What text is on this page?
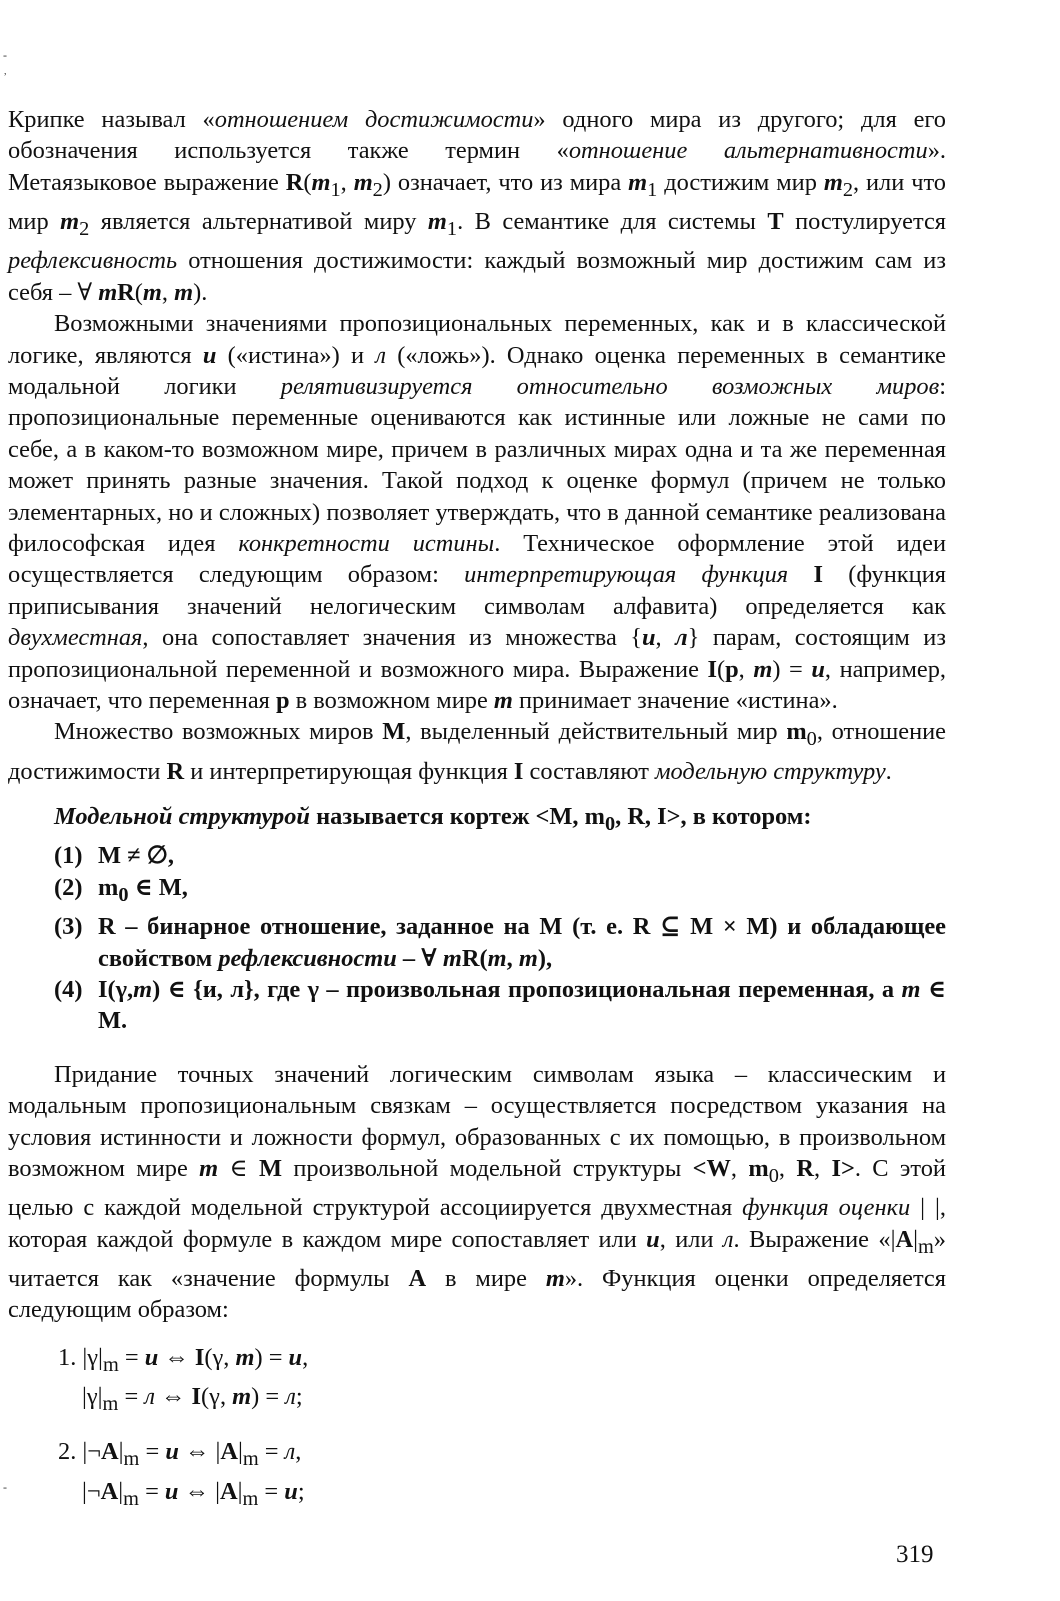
-
,
-

Крипке называл «отношением достижимости» одного мира из другого; для его обозначения используется также термин «отношение альтернативности». Метаязыковое выражение $R(m_1$, $m_2$) означает, что из мира $m_1$ достижим мир $m_2$, или что мир $m_2$ является альтернативой миру $m_1$. В семантике для системы T постулируется рефлексивность отношения достижимости: каждый возможный мир достижим сам из себя – ∀ mR(m, m).

Возможными значениями пропозициональных переменных, как и в классической логике, являются и («истина») и л («ложь»). Однако оценка переменных в семантике модальной логики релятивизируется относительно возможных миров: пропозициональные переменные оцениваются как истинные или ложные не сами по себе, а в каком-то возможном мире, причем в различных мирах одна и та же переменная может принять разные значения. Такой подход к оценке формул (причем не только элементарных, но и сложных) позволяет утверждать, что в данной семантике реализована философская идея конкретности истины. Техническое оформление этой идеи осуществляется следующим образом: интерпретирующая функция I (функция приписывания значений нелогическим символам алфавита) определяется как двухместная, она сопоставляет значения из множества {и, л} парам, состоящим из пропозициональной переменной и возможного мира. Выражение I(p, m) = и, например, означает, что переменная p в возможном мире m принимает значение «истина».

Множество возможных миров M, выделенный действительный мир $m_0$, отношение достижимости R и интерпретирующая функция I составляют модельную структуру.

Модельной структурой называется кортеж <M, $m_0$, R, I>, в котором:

(1) M ≠ ∅,
(2) $m_0$ ∈ M,
(3) R – бинарное отношение, заданное на M (т. е. R ⊆ M × M) и обладающее свойством рефлексивности – ∀ mR(m, m),
(4) I(γ,m) ∈ {и, л}, где γ – произвольная пропозициональная переменная, а m ∈ M.

Придание точных значений логическим символам языка – классическим и модальным пропозициональным связкам – осуществляется посредством указания на условия истинности и ложности формул, образованных с их помощью, в произвольном возможном мире m ∈ M произвольной модельной структуры <W, $m_0$, R, I>. С этой целью с каждой модельной структурой ассоциируется двухместная функция оценки | |, которая каждой формуле в каждом мире сопоставляет или и, или л. Выражение «$|A|_m$» читается как «значение формулы A в мире m». Функция оценки определяется следующим образом:

1. $|\gamma|_m = и$ ⇔ I(γ, m) = и,

$|\gamma|_m = л$ ⇔ I(γ, m) = л;

2. $|\neg A|_m = и$ ⇔ $|A|_m = л$,

$|\neg A|_m = и$ ⇔ $|A|_m = и$;

319
